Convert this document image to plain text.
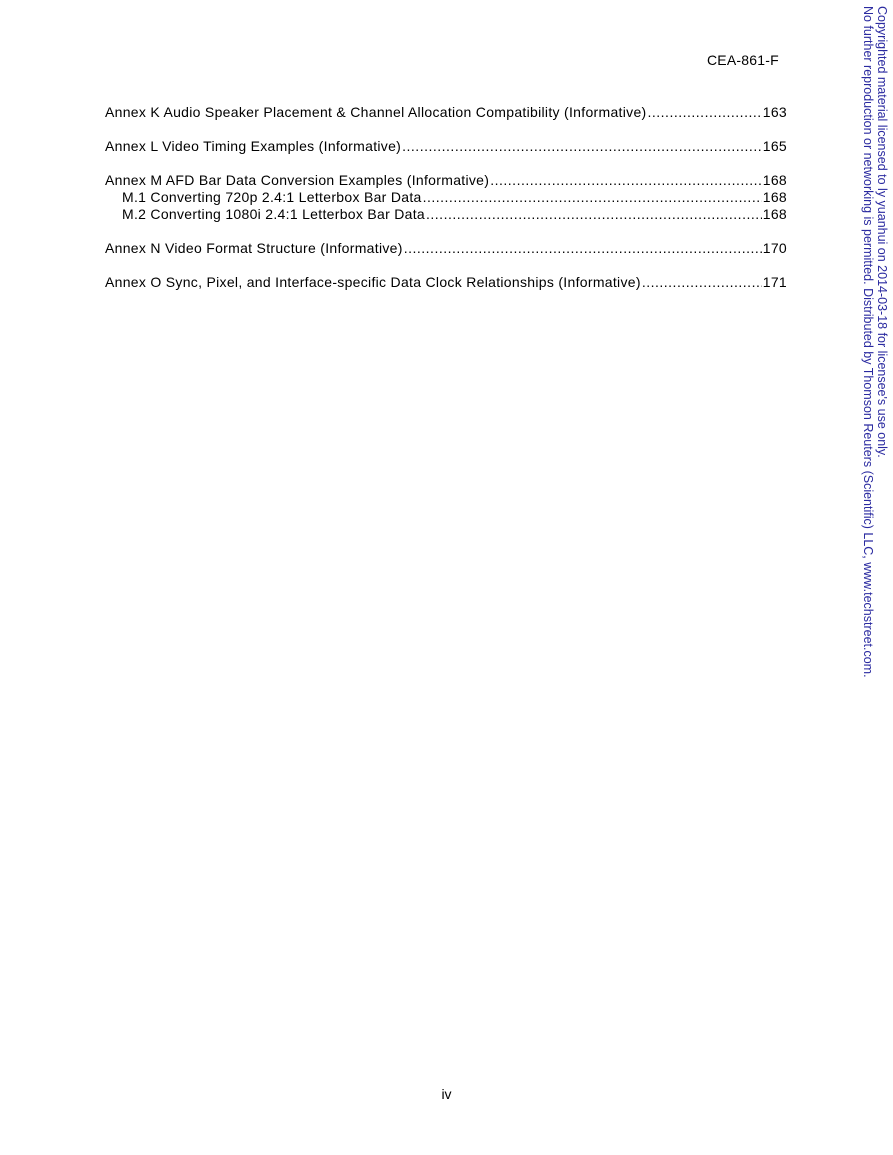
CEA-861-F
Annex K Audio Speaker Placement & Channel Allocation Compatibility (Informative) .....	163
Annex L Video Timing Examples (Informative) .....	165
Annex M AFD Bar Data Conversion Examples (Informative) .....	168
M.1 Converting 720p 2.4:1 Letterbox Bar Data .....	168
M.2 Converting 1080i 2.4:1 Letterbox Bar Data .....	168
Annex N Video Format Structure (Informative) .....	170
Annex O Sync, Pixel, and Interface-specific Data Clock Relationships (Informative) .....	171
iv
Copyrighted material licensed to ly yuanhui on 2014-03-18 for licensee's use only.
No further reproduction or networking is permitted. Distributed by Thomson Reuters (Scientific) LLC, www.techstreet.com.
